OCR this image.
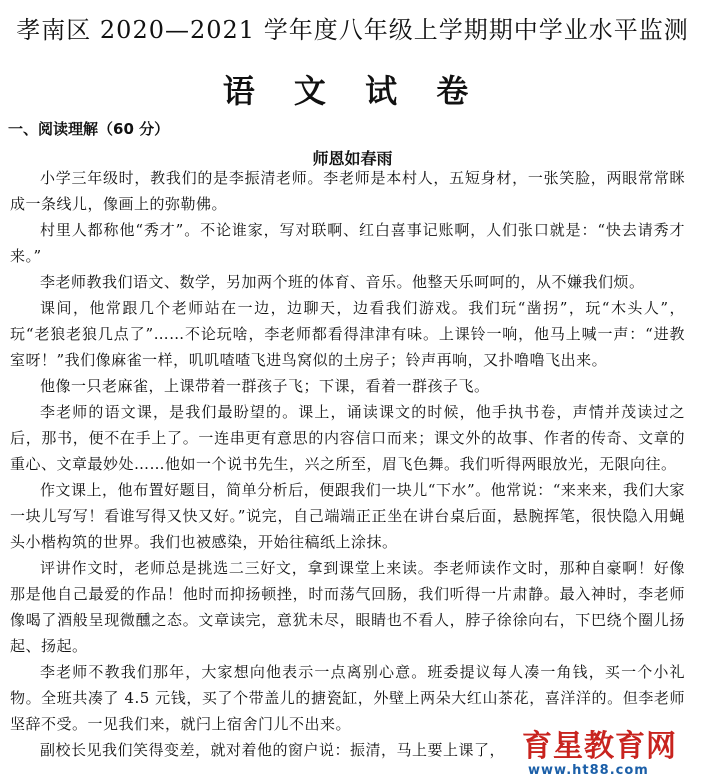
孝南区 2020—2021 学年度八年级上学期期中学业水平监测
语 文 试 卷
一、阅读理解（60 分）
师恩如春雨

小学三年级时，教我们的是李振清老师。李老师是本村人，五短身材，一张笑脸，两眼常常眯成一条线儿，像画上的弥勒佛。

村里人都称他“秀才”。不论谁家，写对联啊、红白喜事记账啊，人们张口就是：“快去请秀才来。”

李老师教我们语文、数学，另加两个班的体育、音乐。他整天乐呵呵的，从不嫌我们烦。

课间，他常跟几个老师站在一边，边聊天，边看我们游戏。我们玩“凿拐”，玩“木头人”，玩“老狼老狼几点了”……不论玩啥，李老师都看得津津有味。上课铃一响，他马上喊一声：“进教室呀！”我们像麻雀一样，叽叽喳喳飞进鸟窝似的土房子；铃声再响，又扑噜噜飞出来。

他像一只老麻雀，上课带着一群孩子飞；下课，看着一群孩子飞。

李老师的语文课，是我们最盼望的。课上，诵读课文的时候，他手执书卷，声情并茂读过之后，那书，便不在手上了。一连串更有意思的内容信口而来；课文外的故事、作者的传奇、文章的重心、文章最妙处……他如一个说书先生，兴之所至，眉飞色舞。我们听得两眼放光，无限向往。

作文课上，他布置好题目，简单分析后，便跟我们一块儿“下水”。他常说：“来来来，我们大家一块儿写写！看谁写得又快又好。”说完，自己端端正正坐在讲台桌后面，悬腕挥笔，很快隐入用蝇头小楷构筑的世界。我们也被感染，开始往稿纸上涂抹。

评讲作文时，老师总是挑选二三好文，拿到课堂上来读。李老师读作文时，那种自豪啊！好像那是他自己最爱的作品！他时而抑扬顿挫，时而荡气回肠，我们听得一片肃静。最入神时，李老师像喝了酒般呈现微醺之态。文章读完，意犹未尽，眼睛也不看人，脖子徐徐向右，下巴绕个圈儿扬起、扬起。

李老师不教我们那年，大家想向他表示一点离别心意。班委提议每人凑一角钱，买一个小礼物。全班共凑了 4.5 元钱，买了个带盖儿的搪瓷缸，外壁上两朵大红山茶花，喜洋洋的。但李老师坚辞不受。一见我们来，就闩上宿舍门儿不出来。

副校长见我们笑得变差，就对着他的窗户说：振清，马上要上课了，　　　　　　，

育星教育网
www.ht88.com
